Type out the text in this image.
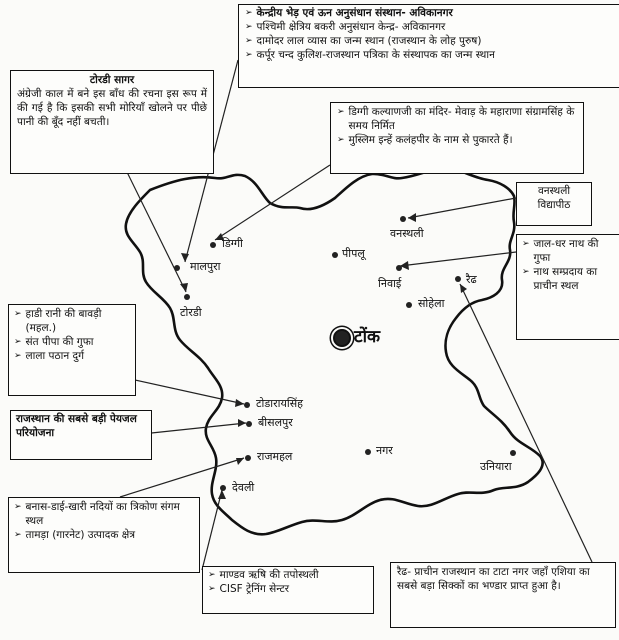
➢ केन्द्रीय भेड़ एवं ऊन अनुसंधान संस्थान- अविकानगर
➢ पश्चिमी क्षेत्रिय बकरी अनुसंधान केन्द्र- अविकानगर
➢ दामोदर लाल व्यास का जन्म स्थान (राजस्थान के लोह पुरुष)
➢ कर्पूर चन्द कुलिश-राजस्थान पत्रिका के संस्थापक का जन्म स्थान
टोरडी सागर
अंग्रेजी काल में बने इस बाँध की रचना इस रूप में की गई है कि इसकी सभी मोरियाँ खोलने पर पीछे पानी की बूँद नहीं बचती।
➢ डिग्गी कल्याणजी का मंदिर- मेवाड़ के महाराणा संग्रामसिंह के समय निर्मित
➢ मुस्लिम इन्हें कलंहपीर के नाम से पुकारते हैं।
वनस्थली विद्यापीठ
➢ जाल-धर नाथ की गुफा
➢ नाथ सम्प्रदाय का प्राचीन स्थल
➢ हाडी रानी की बावड़ी (महल.)
➢ संत पीपा की गुफा
➢ लाला पठान दुर्ग
राजस्थान की सबसे बड़ी पेयजल परियोजना
➢ बनास-डाई-खारी नदियों का त्रिकोण संगम स्थल
➢ तामड़ा (गारनेट) उत्पादक क्षेत्र
➢ माण्डव ऋषि की तपोस्थली
➢ CISF ट्रेनिंग सेन्टर
रैढ- प्राचीन राजस्थान का टाटा नगर जहाँ एशिया का सबसे बड़ा सिक्कों का भण्डार प्राप्त हुआ है।
डिग्गी
मालपुरा
टोरडी
पीपलू
वनस्थली
निवाई	रैढ
सोहेला
टोंक
टोडारायसिंह
बीसलपुर
राजमहल	नगर
उनियारा
देवली
